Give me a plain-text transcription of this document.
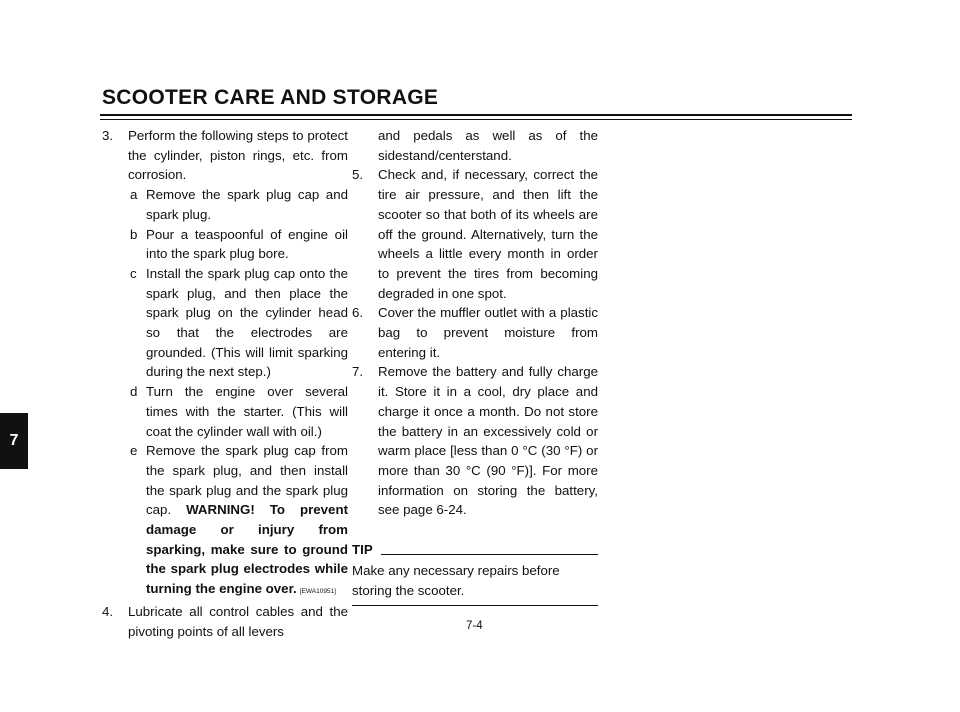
SCOOTER CARE AND STORAGE
7
3. Perform the following steps to protect the cylinder, piston rings, etc. from corrosion.
a Remove the spark plug cap and spark plug.
b Pour a teaspoonful of engine oil into the spark plug bore.
c Install the spark plug cap onto the spark plug, and then place the spark plug on the cylinder head so that the electrodes are grounded. (This will limit sparking during the next step.)
d Turn the engine over several times with the starter. (This will coat the cylinder wall with oil.)
e Remove the spark plug cap from the spark plug, and then install the spark plug and the spark plug cap. WARNING! To prevent damage or injury from sparking, make sure to ground the spark plug electrodes while turning the engine over. [EWA10951]
4. Lubricate all control cables and the pivoting points of all levers
and pedals as well as of the sidestand/centerstand.
5. Check and, if necessary, correct the tire air pressure, and then lift the scooter so that both of its wheels are off the ground. Alternatively, turn the wheels a little every month in order to prevent the tires from becoming degraded in one spot.
6. Cover the muffler outlet with a plastic bag to prevent moisture from entering it.
7. Remove the battery and fully charge it. Store it in a cool, dry place and charge it once a month. Do not store the battery in an excessively cold or warm place [less than 0 °C (30 °F) or more than 30 °C (90 °F)]. For more information on storing the battery, see page 6-24.
TIP
Make any necessary repairs before storing the scooter.
7-4
